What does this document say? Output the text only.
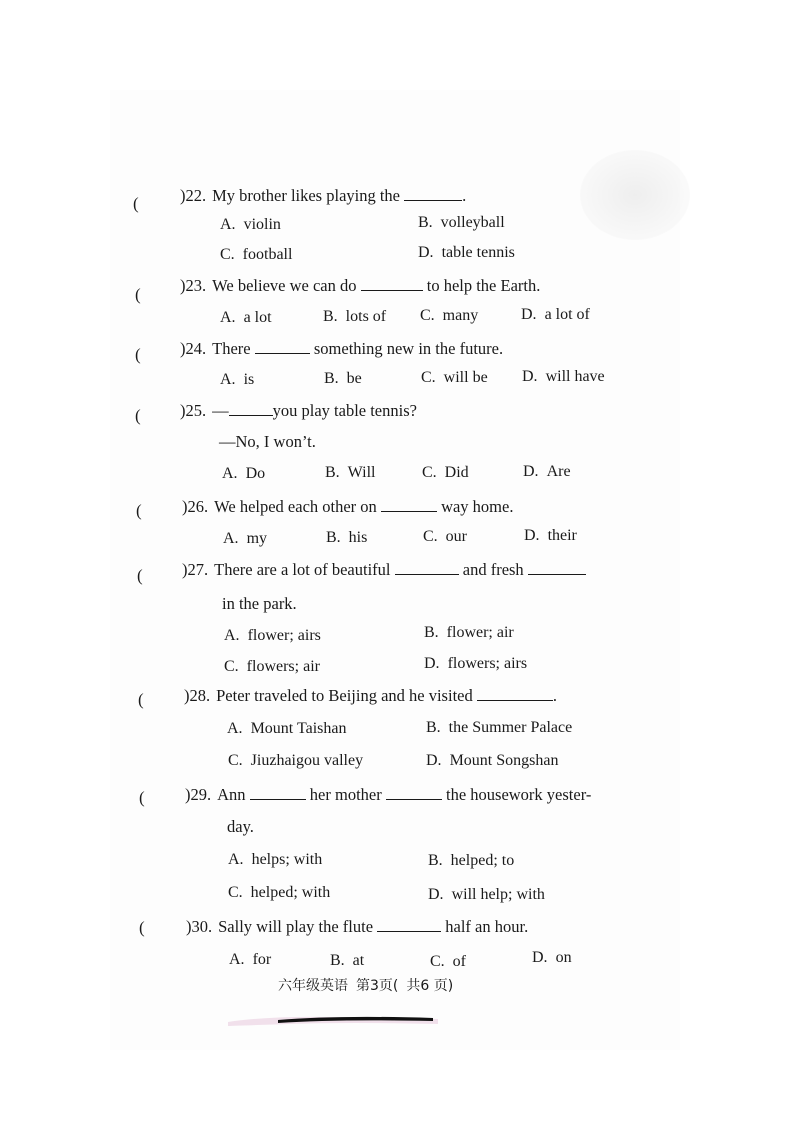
(	)22. My brother likes playing the	.
A. violin	B. volleyball
C. football	D. table tennis
( )23. We believe we can do	to help the Earth.
A. a lot	B. lots of C. many	D. a lot of
( )24. There	something new in the future.
A. is	B. be	C. will be D. will have
( )25. —	you play table tennis?
—No, I won’t.
A. Do	B. Will	C. Did	D. Are
( )26. We helped each other on	way home.
A. my	B. his	C. our	D. their
( )27. There are a lot of beautiful	and fresh
in the park.
A. flower; airs	B. flower; air
C. flowers; air	D. flowers; airs
( )28. Peter traveled to Beijing and he visited	.
A. Mount Taishan	B. the Summer Palace
C. Jiuzhaigou valley	D. Mount Songshan
( )29. Ann	her mother	the housework yester-
day.
A. helps; with	B. helped; to
C. helped; with	D. will help; with
(	)30. Sally will play the flute	half an hour.
A. for	B. at	C. of	D. on
六年级英语 第3页( 共6 页)
